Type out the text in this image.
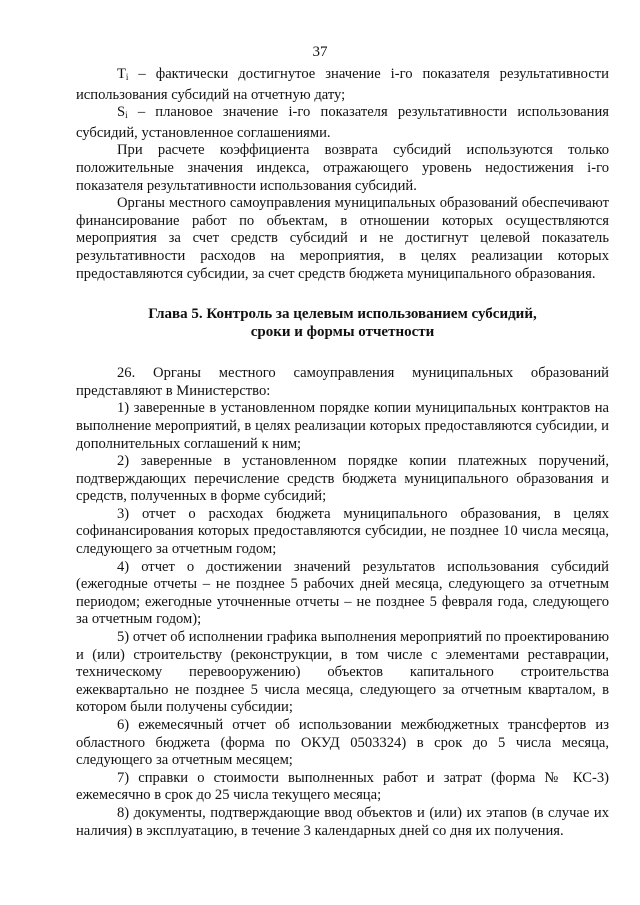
37

$T_i$ – фактически достигнутое значение i-го показателя результативности использования субсидий на отчетную дату;

$S_i$ – плановое значение i-го показателя результативности использования субсидий, установленное соглашениями.

При расчете коэффициента возврата субсидий используются только положительные значения индекса, отражающего уровень недостижения i-го показателя результативности использования субсидий.

Органы местного самоуправления муниципальных образований обеспечивают финансирование работ по объектам, в отношении которых осуществляются мероприятия за счет средств субсидий и не достигнут целевой показатель результативности расходов на мероприятия, в целях реализации которых предоставляются субсидии, за счет средств бюджета муниципального образования.

Глава 5. Контроль за целевым использованием субсидий,
сроки и формы отчетности

26. Органы местного самоуправления муниципальных образований представляют в Министерство:

1) заверенные в установленном порядке копии муниципальных контрактов на выполнение мероприятий, в целях реализации которых предоставляются субсидии, и дополнительных соглашений к ним;

2) заверенные в установленном порядке копии платежных поручений, подтверждающих перечисление средств бюджета муниципального образования и средств, полученных в форме субсидий;

3) отчет о расходах бюджета муниципального образования, в целях софинансирования которых предоставляются субсидии, не позднее 10 числа месяца, следующего за отчетным годом;

4) отчет о достижении значений результатов использования субсидий (ежегодные отчеты – не позднее 5 рабочих дней месяца, следующего за отчетным периодом; ежегодные уточненные отчеты – не позднее 5 февраля года, следующего за отчетным годом);

5) отчет об исполнении графика выполнения мероприятий по проектированию и (или) строительству (реконструкции, в том числе с элементами реставрации, техническому перевооружению) объектов капитального строительства ежеквартально не позднее 5 числа месяца, следующего за отчетным кварталом, в котором были получены субсидии;

6) ежемесячный отчет об использовании межбюджетных трансфертов из областного бюджета (форма по ОКУД 0503324) в срок до 5 числа месяца, следующего за отчетным месяцем;

7) справки о стоимости выполненных работ и затрат (форма № КС-3) ежемесячно в срок до 25 числа текущего месяца;

8) документы, подтверждающие ввод объектов и (или) их этапов (в случае их наличия) в эксплуатацию, в течение 3 календарных дней со дня их получения.
